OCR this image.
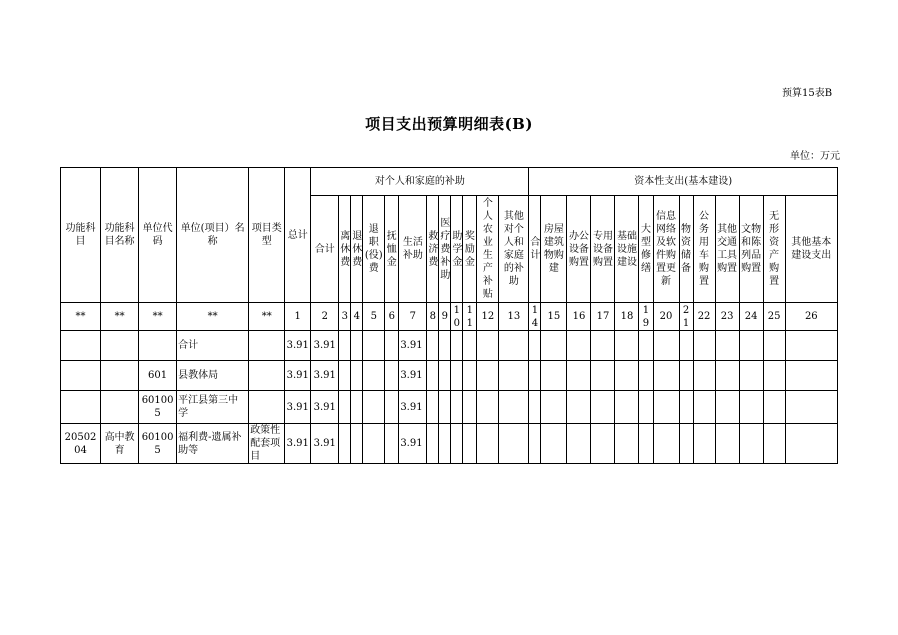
预算15表B
项目支出预算明细表(B)
单位：万元
功能科目	功能科目名称	单位代码	单位(项目）名称	项目类型	总计	对个人和家庭的补助												资本性支出(基本建设)												
						合计	离休费	退休费	退职(役)费	抚恤金	生活补助	救济费	医疗费补助	助学金	奖励金	个人农业生产补贴	其他对个人和家庭的补助	合计	房屋建筑物购建	办公设备购置	专用设备购置	基础设施建设	大型修缮	信息网络及软件购置更新	物资储备	公务用车购置	其他交通工具购置	文物和陈列品购置	无形资产购置	其他基本建设支出
**	**	**	**	**	1	2	3	4	5	6	7	8	9	10	11	12	13	14	15	16	17	18	19	20	21	22	23	24	25	26
			合计		3.91	3.91					3.91																			
		601	县教体局		3.91	3.91					3.91																			
		601005	平江县第三中学		3.91	3.91					3.91																			
2050204	高中教育	601005	福利费-遗属补助等	政策性配套项目	3.91	3.91					3.91																			
